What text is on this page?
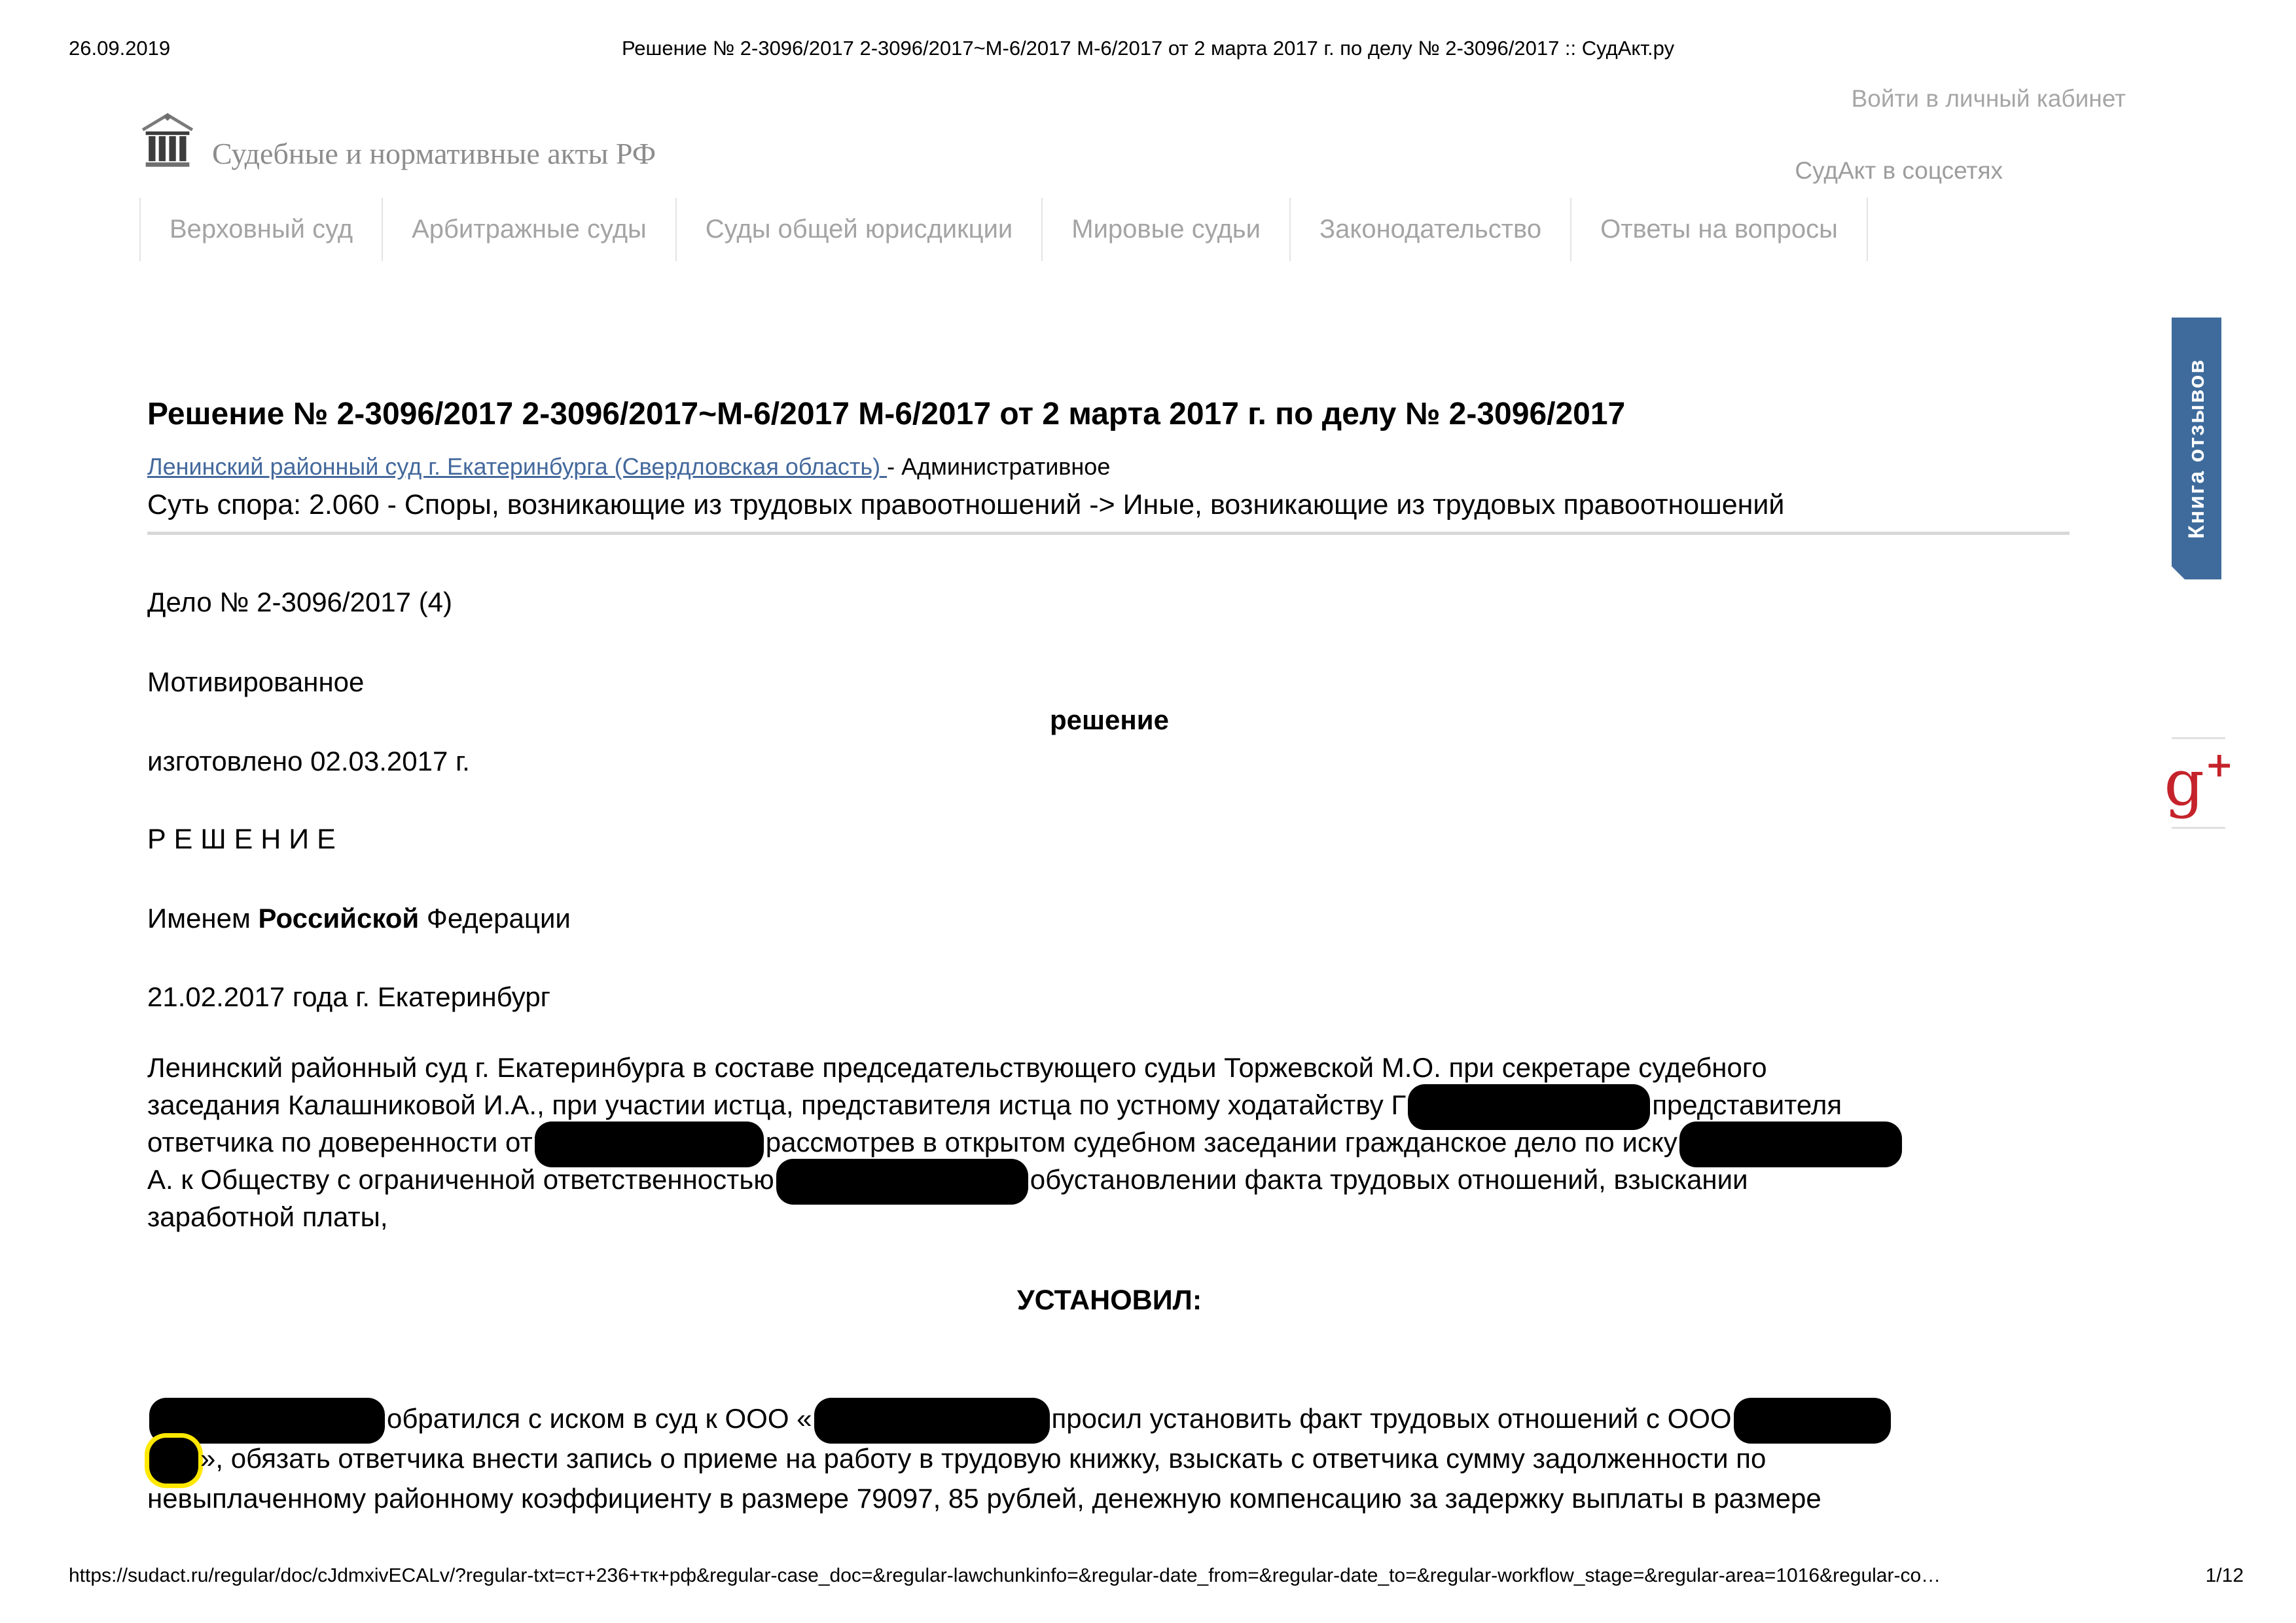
26.09.2019	Решение № 2-3096/2017 2-3096/2017~М-6/2017 М-6/2017 от 2 марта 2017 г. по делу № 2-3096/2017 :: СудАкт.ру
Судебные и нормативные акты РФ
Войти в личный кабинет
СудАкт в соцсетях
Верховный суд	Арбитражные суды	Суды общей юрисдикции	Мировые судьи	Законодательство	Ответы на вопросы
Книга отзывов
g +
Решение № 2-3096/2017 2-3096/2017~М-6/2017 М-6/2017 от 2 марта 2017 г. по делу № 2-3096/2017

Ленинский районный суд г. Екатеринбурга (Свердловская область) - Административное

Суть спора: 2.060 - Споры, возникающие из трудовых правоотношений -> Иные, возникающие из трудовых правоотношений

Дело № 2-3096/2017 (4)

Мотивированное

решение

изготовлено 02.03.2017 г.

Р Е Ш Е Н И Е

Именем Российской Федерации

21.02.2017 года г. Екатеринбург

Ленинский районный суд г. Екатеринбурга в составе председательствующего судьи Торжевской М.О. при секретаре судебного
заседания Калашниковой И.А., при участии истца, представителя истца по устному ходатайству Г	представителя
ответчика по доверенности от	рассмотрев в открытом судебном заседании гражданское дело по иску
А. к Обществу с ограниченной ответственностью	обустановлении факта трудовых отношений, взыскании
заработной платы,

УСТАНОВИЛ:

обратился с иском в суд к ООО «	просил установить факт трудовых отношений с ООО
», обязать ответчика внести запись о приеме на работу в трудовую книжку, взыскать с ответчика сумму задолженности по
невыплаченному районному коэффициенту в размере 79097, 85 рублей, денежную компенсацию за задержку выплаты в размере

https://sudact.ru/regular/doc/cJdmxivECALv/?regular-txt=ст+236+тк+рф&regular-case_doc=&regular-lawchunkinfo=&regular-date_from=&regular-date_to=&regular-workflow_stage=&regular-area=1016&regular-co…	1/12
